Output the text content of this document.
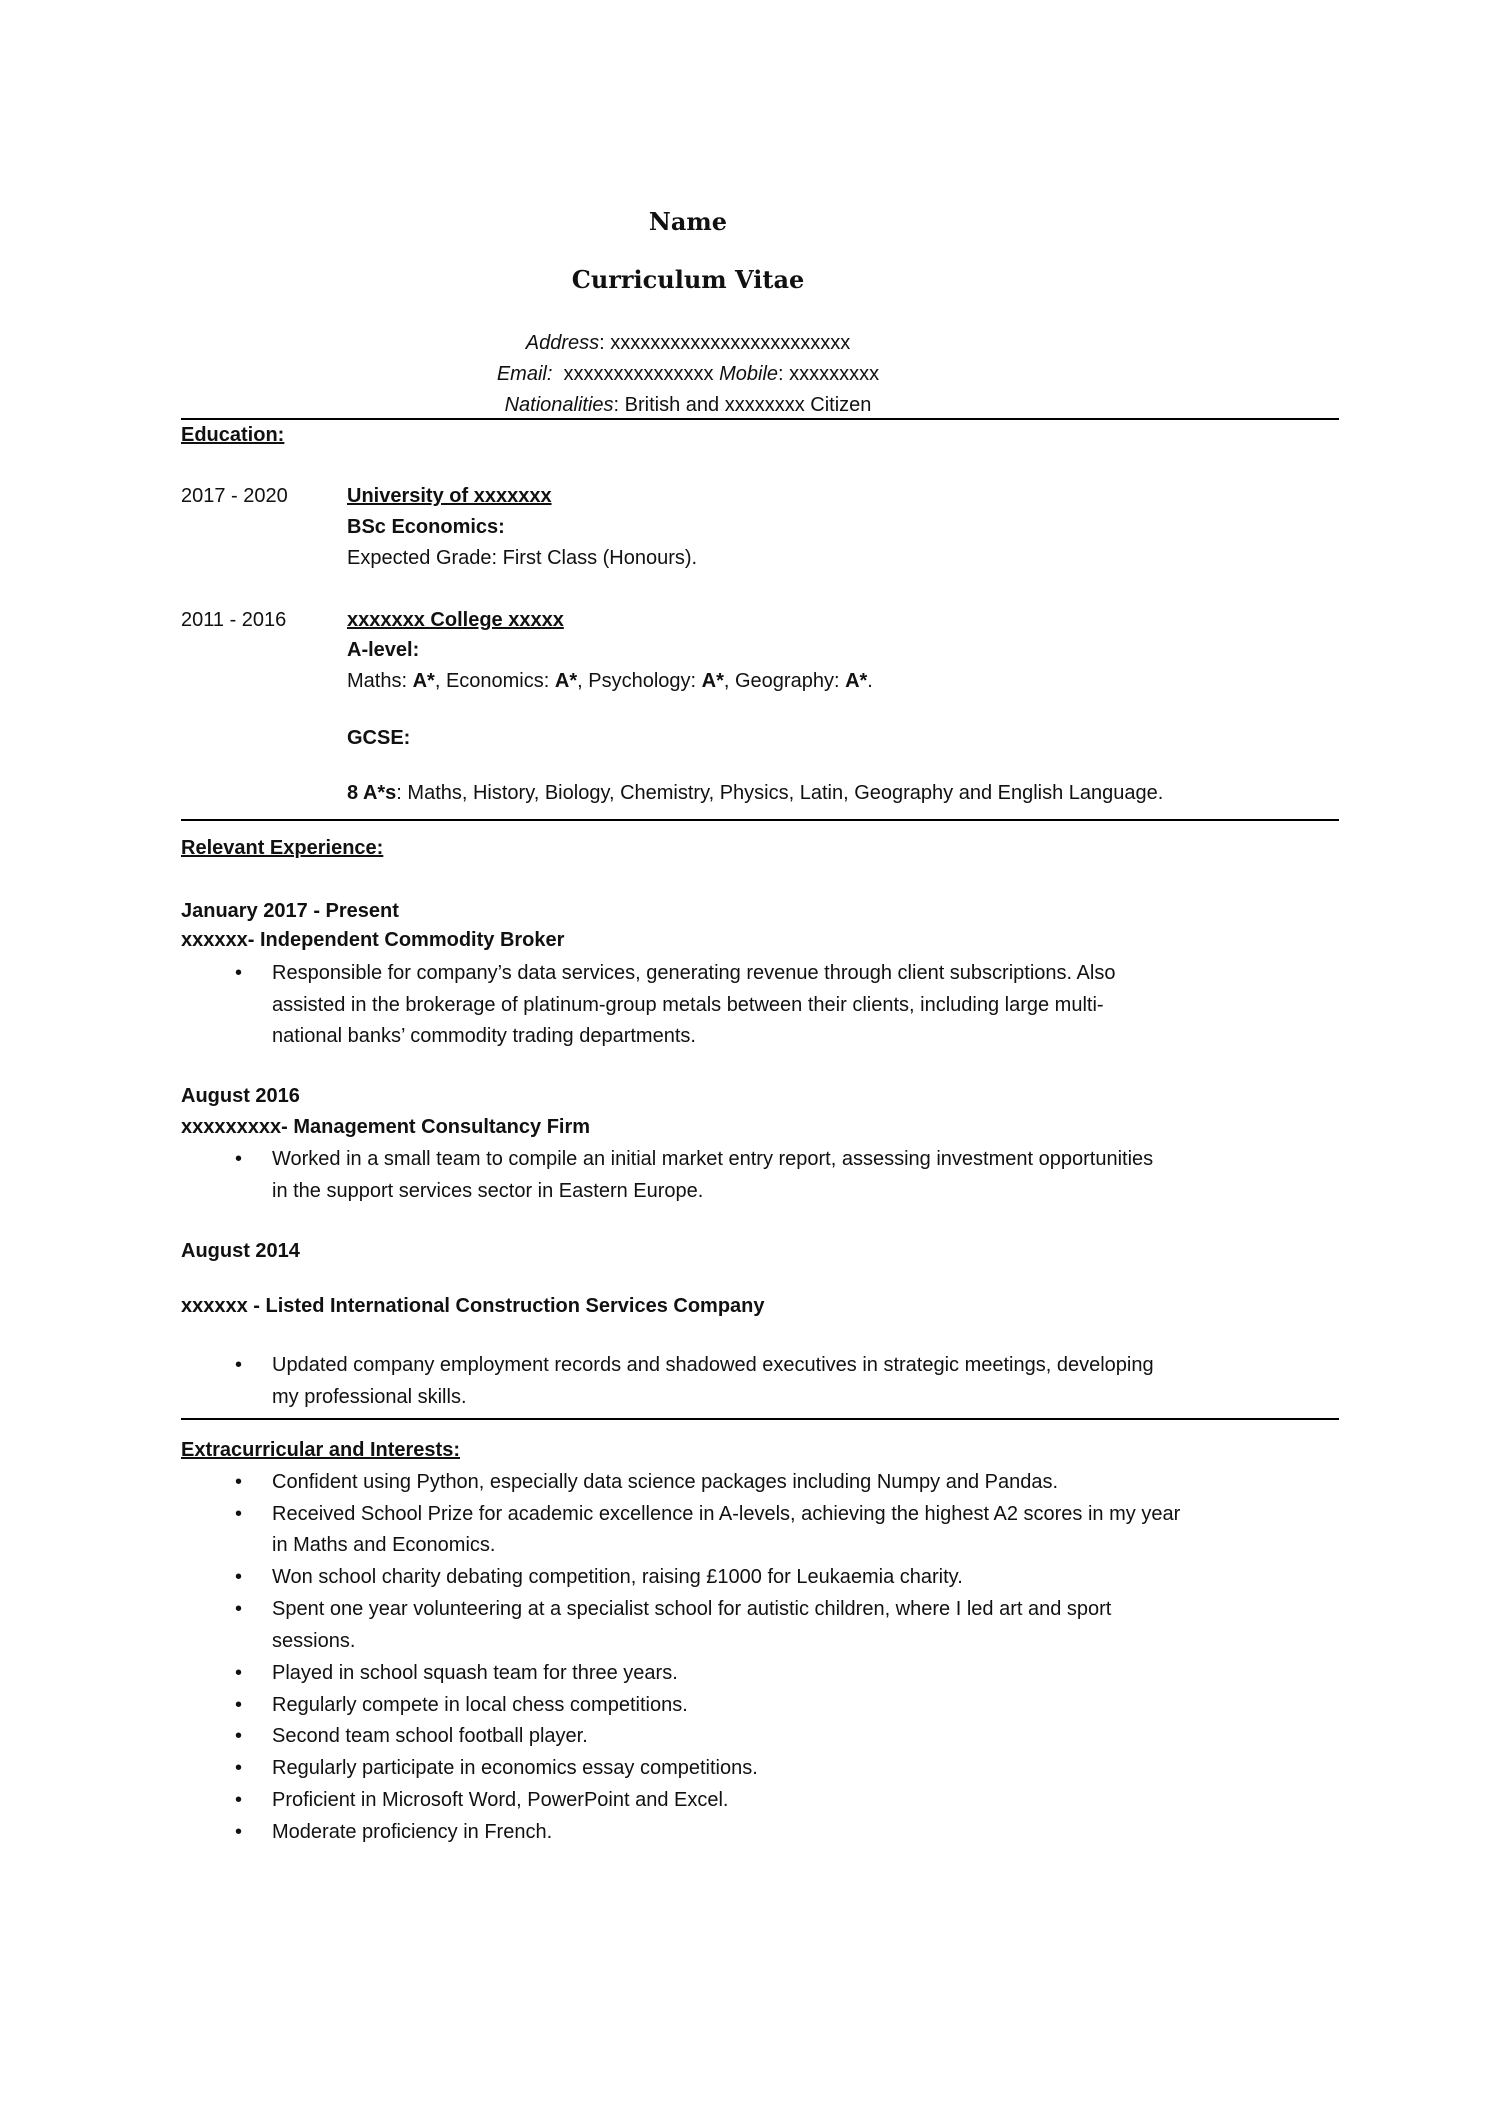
Name
Curriculum Vitae
Address: xxxxxxxxxxxxxxxxxxxxxxxx
Email:  xxxxxxxxxxxxxxx Mobile: xxxxxxxxx
Nationalities: British and xxxxxxxx Citizen
Education:
2017 - 2020	University of xxxxxxx
BSc Economics:
Expected Grade: First Class (Honours).
2011 - 2016	xxxxxxx College xxxxx
A-level:
Maths: A*, Economics: A*, Psychology: A*, Geography: A*.
GCSE:
8 A*s: Maths, History, Biology, Chemistry, Physics, Latin, Geography and English Language.
Relevant Experience:
January 2017 - Present
xxxxxx- Independent Commodity Broker
• Responsible for company’s data services, generating revenue through client subscriptions. Also
assisted in the brokerage of platinum-group metals between their clients, including large multi-
national banks’ commodity trading departments.
August 2016
xxxxxxxxx- Management Consultancy Firm
• Worked in a small team to compile an initial market entry report, assessing investment opportunities
in the support services sector in Eastern Europe.
August 2014
xxxxxx - Listed International Construction Services Company
• Updated company employment records and shadowed executives in strategic meetings, developing
my professional skills.
Extracurricular and Interests:
• Confident using Python, especially data science packages including Numpy and Pandas.
• Received School Prize for academic excellence in A-levels, achieving the highest A2 scores in my year
in Maths and Economics.
• Won school charity debating competition, raising £1000 for Leukaemia charity.
• Spent one year volunteering at a specialist school for autistic children, where I led art and sport
sessions.
• Played in school squash team for three years.
• Regularly compete in local chess competitions.
• Second team school football player.
• Regularly participate in economics essay competitions.
• Proficient in Microsoft Word, PowerPoint and Excel.
• Moderate proficiency in French.
